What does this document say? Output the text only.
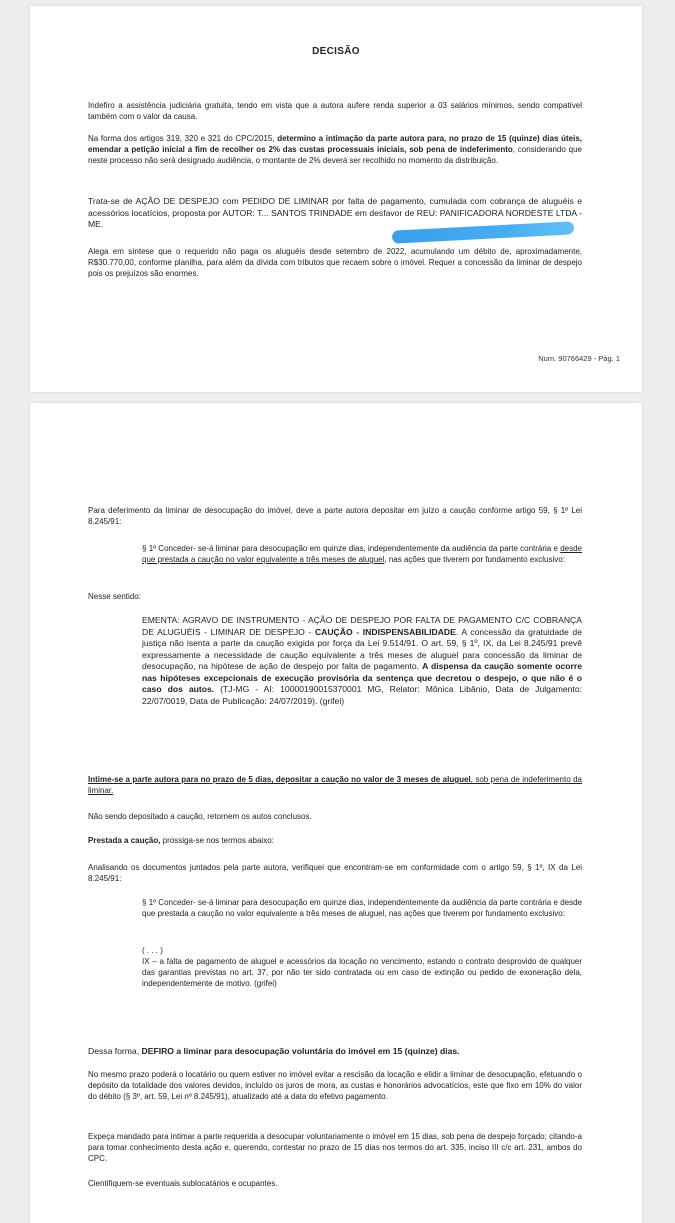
DECISÃO

Indefiro a assistência judiciária gratuita, tendo em vista que a autora aufere renda superior a 03 salários mínimos, sendo compatível também com o valor da causa.

Na forma dos artigos 319, 320 e 321 do CPC/2015, determino a intimação da parte autora para, no prazo de 15 (quinze) dias úteis, emendar a petição inicial a fim de recolher os 2% das custas processuais iniciais, sob pena de indeferimento, considerando que neste processo não será designado audiência, o montante de 2% deverá ser recolhido no momento da distribuição.

Trata-se de AÇÃO DE DESPEJO com PEDIDO DE LIMINAR por falta de pagamento, cumulada com cobrança de aluguéis e acessórios locatícios, proposta por AUTOR: T... SANTOS TRINDADE em desfavor de REU: PANIFICADORA NORDESTE LTDA - ME.

Alega em síntese que o requerido não paga os aluguéis desde setembro de 2022, acumulando um débito de, aproximadamente, R$30.770,00, conforme planilha, para além da dívida com tributos que recaem sobre o imóvel. Requer a concessão da liminar de despejo pois os prejuízos são enormes.

Num. 90766429 - Pág. 1

Para deferimento da liminar de desocupação do imóvel, deve a parte autora depositar em juízo a caução conforme artigo 59, § 1º Lei 8.245/91:

§ 1º Conceder- se-á liminar para desocupação em quinze dias, independentemente da audiência da parte contrária e desde que prestada a caução no valor equivalente a três meses de aluguel, nas ações que tiverem por fundamento exclusivo:

Nesse sentido:

EMENTA: AGRAVO DE INSTRUMENTO - AÇÃO DE DESPEJO POR FALTA DE PAGAMENTO C/C COBRANÇA DE ALUGUÉIS - LIMINAR DE DESPEJO - CAUÇÃO - INDISPENSABILIDADE. A concessão da gratuidade de justiça não isenta a parte da caução exigida por força da Lei 9.514/91. O art. 59, § 1º, IX, da Lei 8.245/91 prevê expressamente a necessidade de caução equivalente a três meses de aluguel para concessão da liminar de desocupação, na hipótese de ação de despejo por falta de pagamento. A dispensa da caução somente ocorre nas hipóteses excepcionais de execução provisória da sentença que decretou o despejo, o que não é o caso dos autos. (TJ-MG - AI: 10000190015370001 MG, Relator: Mônica Libânio, Data de Julgamento: 22/07/0019, Data de Publicação: 24/07/2019). (grifei)

Intime-se a parte autora para no prazo de 5 dias, depositar a caução no valor de 3 meses de aluguel, sob pena de indeferimento da liminar.

Não sendo depositado a caução, retornem os autos conclusos.

Prestada a caução, prossiga-se nos termos abaixo:

Analisando os documentos juntados pela parte autora, verifiquei que encontram-se em conformidade com o artigo 59, § 1º, IX da Lei 8.245/91:

§ 1º Conceder- se-á liminar para desocupação em quinze dias, independentemente da audiência da parte contrária e desde que prestada a caução no valor equivalente a três meses de aluguel, nas ações que tiverem por fundamento exclusivo:

( . . . )

IX – a falta de pagamento de aluguel e acessórios da locação no vencimento, estando o contrato desprovido de qualquer das garantias previstas no art. 37, por não ter sido contratada ou em caso de extinção ou pedido de exoneração dela, independentemente de motivo. (grifei)

Dessa forma, DEFIRO a liminar para desocupação voluntária do imóvel em 15 (quinze) dias.

No mesmo prazo poderá o locatário ou quem estiver no imóvel evitar a rescisão da locação e elidir a liminar de desocupação, efetuando o depósito da totalidade dos valores devidos, incluído os juros de mora, as custas e honorários advocatícios, este que fixo em 10% do valor do débito (§ 3º, art. 59, Lei nº 8.245/91), atualizado até a data do efetivo pagamento.

Expeça mandado para intimar a parte requerida a desocupar voluntariamente o imóvel em 15 dias, sob pena de despejo forçado; citando-a para tomar conhecimento desta ação e, querendo, contestar no prazo de 15 dias nos termos do art. 335, inciso III c/c art. 231, ambos do CPC.

Cientifiquem-se eventuais sublocatários e ocupantes.
